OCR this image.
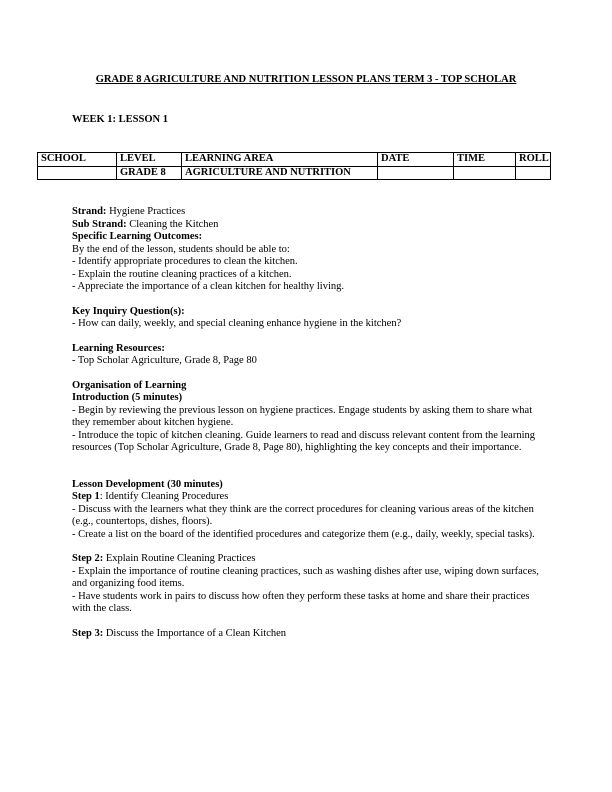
GRADE 8 AGRICULTURE AND NUTRITION LESSON PLANS TERM 3 - TOP SCHOLAR
WEEK 1: LESSON 1
SCHOOL	LEVEL	LEARNING AREA	DATE	TIME	ROLL
	GRADE 8	AGRICULTURE AND NUTRITION			

Strand: Hygiene Practices

Sub Strand: Cleaning the Kitchen

Specific Learning Outcomes:

By the end of the lesson, students should be able to:

- Identify appropriate procedures to clean the kitchen.

- Explain the routine cleaning practices of a kitchen.

- Appreciate the importance of a clean kitchen for healthy living.

Key Inquiry Question(s):

- How can daily, weekly, and special cleaning enhance hygiene in the kitchen?

Learning Resources:

- Top Scholar Agriculture, Grade 8, Page 80

Organisation of Learning

Introduction (5 minutes)

- Begin by reviewing the previous lesson on hygiene practices. Engage students by asking them to share what they remember about kitchen hygiene.

- Introduce the topic of kitchen cleaning. Guide learners to read and discuss relevant content from the learning resources (Top Scholar Agriculture, Grade 8, Page 80), highlighting the key concepts and their importance.

Lesson Development (30 minutes)

Step 1: Identify Cleaning Procedures

- Discuss with the learners what they think are the correct procedures for cleaning various areas of the kitchen (e.g., countertops, dishes, floors).

- Create a list on the board of the identified procedures and categorize them (e.g., daily, weekly, special tasks).

Step 2: Explain Routine Cleaning Practices

- Explain the importance of routine cleaning practices, such as washing dishes after use, wiping down surfaces, and organizing food items.

- Have students work in pairs to discuss how often they perform these tasks at home and share their practices with the class.

Step 3: Discuss the Importance of a Clean Kitchen
